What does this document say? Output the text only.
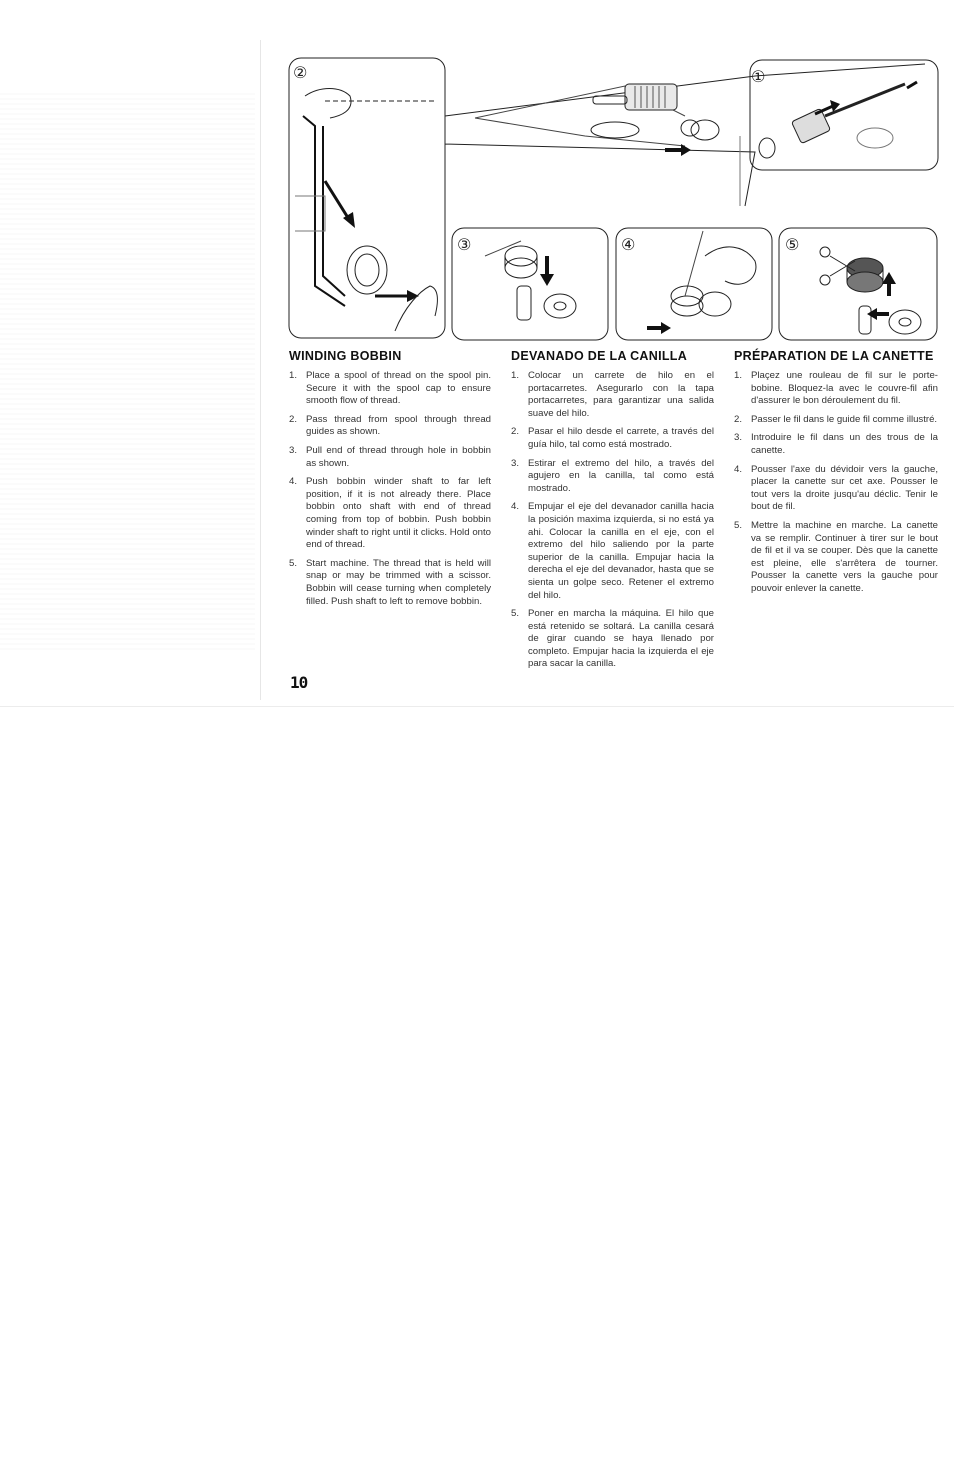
②	①
③	④	⑤
WINDING BOBBIN
1. Place a spool of thread on the spool pin. Secure it with the spool cap to ensure smooth flow of thread.
2. Pass thread from spool through thread guides as shown.
3. Pull end of thread through hole in bobbin as shown.
4. Push bobbin winder shaft to far left position, if it is not already there. Place bobbin onto shaft with end of thread coming from top of bobbin. Push bobbin winder shaft to right until it clicks. Hold onto end of thread.
5. Start machine. The thread that is held will snap or may be trimmed with a scissor. Bobbin will cease turning when completely filled. Push shaft to left to remove bobbin.
DEVANADO DE LA CANILLA
1. Colocar un carrete de hilo en el portacarretes. Asegurarlo con la tapa portacarretes, para garantizar una salida suave del hilo.
2. Pasar el hilo desde el carrete, a través del guía hilo, tal como está mostrado.
3. Estirar el extremo del hilo, a través del agujero en la canilla, tal como está mostrado.
4. Empujar el eje del devanador canilla hacia la posición maxima izquierda, si no está ya ahi. Colocar la canilla en el eje, con el extremo del hilo saliendo por la parte superior de la canilla. Empujar hacia la derecha el eje del devanador, hasta que se sienta un golpe seco. Retener el extremo del hilo.
5. Poner en marcha la máquina. El hilo que está retenido se soltará. La canilla cesará de girar cuando se haya llenado por completo. Empujar hacia la izquierda el eje para sacar la canilla.
PRÉPARATION DE LA CANETTE
1. Plaçez une rouleau de fil sur le porte-bobine. Bloquez-la avec le couvre-fil afin d'assurer le bon déroulement du fil.
2. Passer le fil dans le guide fil comme illustré.
3. Introduire le fil dans un des trous de la canette.
4. Pousser l'axe du dévidoir vers la gauche, placer la canette sur cet axe. Pousser le tout vers la droite jusqu'au déclic. Tenir le bout de fil.
5. Mettre la machine en marche. La canette va se remplir. Continuer à tirer sur le bout de fil et il va se couper. Dès que la canette est pleine, elle s'arrêtera de tourner. Pousser la canette vers la gauche pour pouvoir enlever la canette.
10
